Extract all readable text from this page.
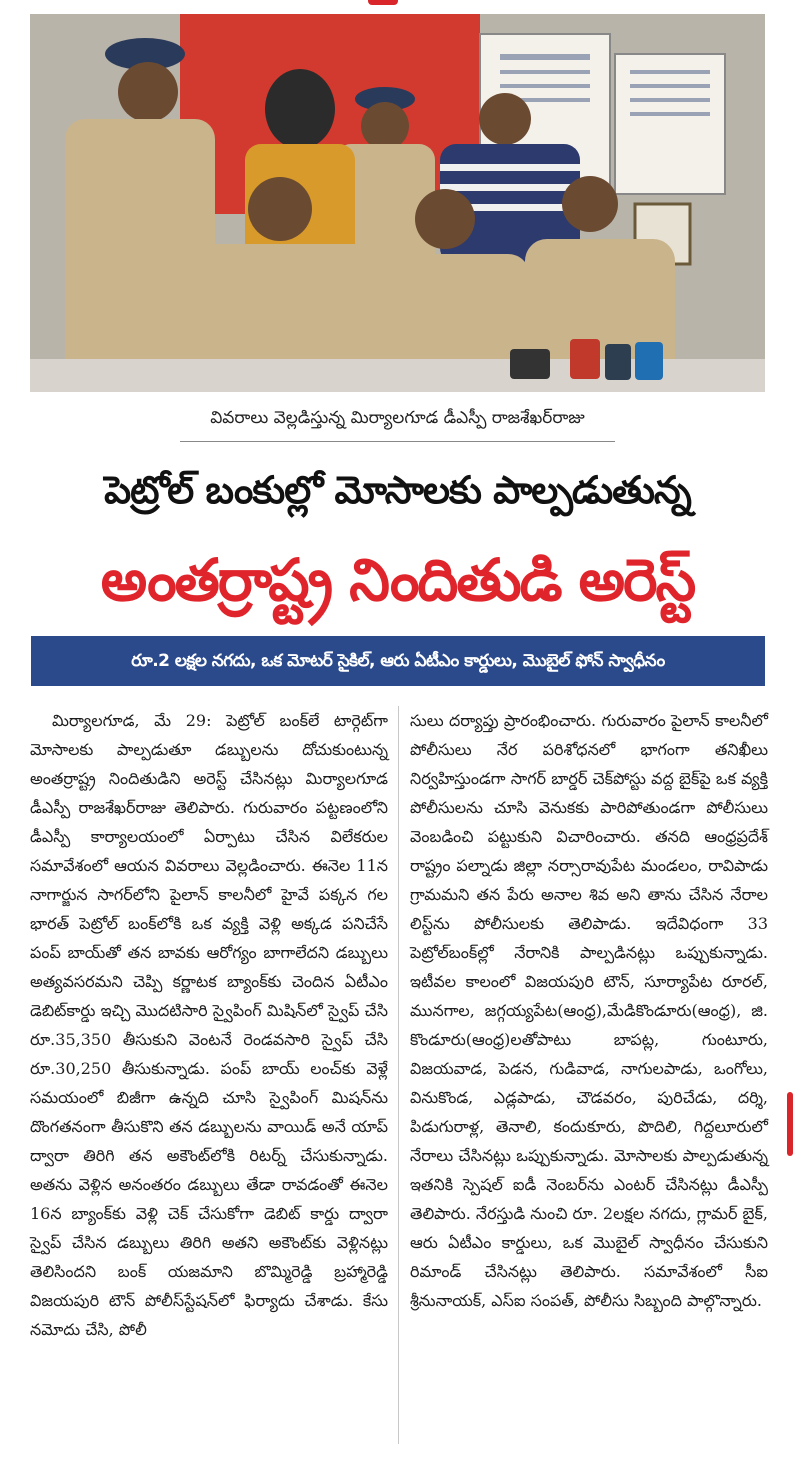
వివరాలు వెల్లడిస్తున్న మిర్యాలగూడ డీఎస్పీ రాజశేఖర్‌రాజు
పెట్రోల్ బంకుల్లో మోసాలకు పాల్పడుతున్న
అంతర్రాష్ట్ర నిందితుడి అరెస్ట్
రూ.2 లక్షల నగదు, ఒక మోటర్ సైకిల్, ఆరు ఏటీఎం కార్డులు, మొబైల్ ఫోన్ స్వాధీనం

మిర్యాలగూడ, మే 29: పెట్రోల్ బంక్‌లే టార్గెట్‌గా మోసాలకు పాల్పడుతూ డబ్బులను దోచుకుంటున్న అంతర్రాష్ట్ర నిందితుడిని అరెస్ట్ చేసినట్లు మిర్యాలగూడ డీఎస్పీ రాజశేఖర్‌రాజు తెలిపారు. గురువారం పట్టణంలోని డీఎస్పీ కార్యాలయంలో ఏర్పాటు చేసిన విలేకరుల సమావేశంలో ఆయన వివరాలు వెల్లడించారు. ఈనెల 11న నాగార్జున సాగర్‌లోని పైలాన్ కాలనీలో హైవే పక్కన గల భారత్ పెట్రోల్ బంక్‌లోకి ఒక వ్యక్తి వెళ్లి అక్కడ పనిచేసే పంప్ బాయ్‌తో తన బావకు ఆరోగ్యం బాగాలేదని డబ్బులు అత్యవసరమని చెప్పి కర్ణాటక బ్యాంక్‌కు చెందిన ఏటీఎం డెబిట్‌కార్డు ఇచ్చి మొదటిసారి స్వైపింగ్ మిషిన్‌లో స్వైప్ చేసి రూ.35,350 తీసుకుని వెంటనే రెండవసారి స్వైప్ చేసి రూ.30,250 తీసుకున్నాడు. పంప్ బాయ్ లంచ్‌కు వెళ్లే సమయంలో బిజీగా ఉన్నది చూసి స్వైపింగ్ మిషన్‌ను దొంగతనంగా తీసుకొని తన డబ్బులను వాయిడ్ అనే యాప్ ద్వారా తిరిగి తన అకౌంట్‌లోకి రిటర్న్ చేసుకున్నాడు. అతను వెళ్లిన అనంతరం డబ్బులు తేడా రావడంతో ఈనెల 16న బ్యాంక్‌కు వెళ్లి చెక్ చేసుకోగా డెబిట్ కార్డు ద్వారా స్వైప్ చేసిన డబ్బులు తిరిగి అతని అకౌంట్‌కు వెళ్లినట్లు తెలిసిందని బంక్ యజమాని బొమ్మిరెడ్డి బ్రహ్మారెడ్డి విజయపురి టౌన్ పోలీస్‌స్టేషన్‌లో ఫిర్యాదు చేశాడు. కేసు నమోదు చేసి, పోలీ

సులు దర్యాప్తు ప్రారంభించారు. గురువారం పైలాన్ కాలనీలో పోలీసులు నేర పరిశోధనలో భాగంగా తనిఖీలు నిర్వహిస్తుండగా సాగర్ బార్డర్ చెక్‌పోస్టు వద్ద బైక్‌పై ఒక వ్యక్తి పోలీసులను చూసి వెనుకకు పారిపోతుండగా పోలీసులు వెంబడించి పట్టుకుని విచారించారు. తనది ఆంధ్రప్రదేశ్ రాష్ట్రం పల్నాడు జిల్లా నర్సారావుపేట మండలం, రావిపాడు గ్రామమని తన పేరు అనాల శివ అని తాను చేసిన నేరాల లిస్ట్‌ను పోలీసులకు తెలిపాడు. ఇదేవిధంగా 33 పెట్రోల్‌బంక్‌ల్లో నేరానికి పాల్పడినట్లు ఒప్పుకున్నాడు. ఇటీవల కాలంలో విజయపురి టౌన్, సూర్యాపేట రూరల్, మునగాల, జగ్గయ్యపేట(ఆంధ్ర),మేడికొండూరు(ఆంధ్ర), జి. కొండూరు(ఆంధ్ర)లతోపాటు బాపట్ల, గుంటూరు, విజయవాడ, పెడన, గుడివాడ, నాగులపాడు, ఒంగోలు, వినుకొండ, ఎడ్లపాడు, చౌడవరం, పురిచేడు, దర్శి, పిడుగురాళ్ల, తెనాలి, కందుకూరు, పొదిలి, గిద్దలూరులో నేరాలు చేసినట్లు ఒప్పుకున్నాడు. మోసాలకు పాల్పడుతున్న ఇతనికి స్పెషల్ ఐడీ నెంబర్‌ను ఎంటర్ చేసినట్లు డీఎస్పీ తెలిపారు. నేరస్తుడి నుంచి రూ. 2లక్షల నగదు, గ్లామర్ బైక్, ఆరు ఏటీఎం కార్డులు, ఒక మొబైల్ స్వాధీనం చేసుకుని రిమాండ్ చేసినట్లు తెలిపారు. సమావేశంలో సీఐ శ్రీనునాయక్, ఎస్ఐ సంపత్, పోలీసు సిబ్బంది పాల్గొన్నారు.
